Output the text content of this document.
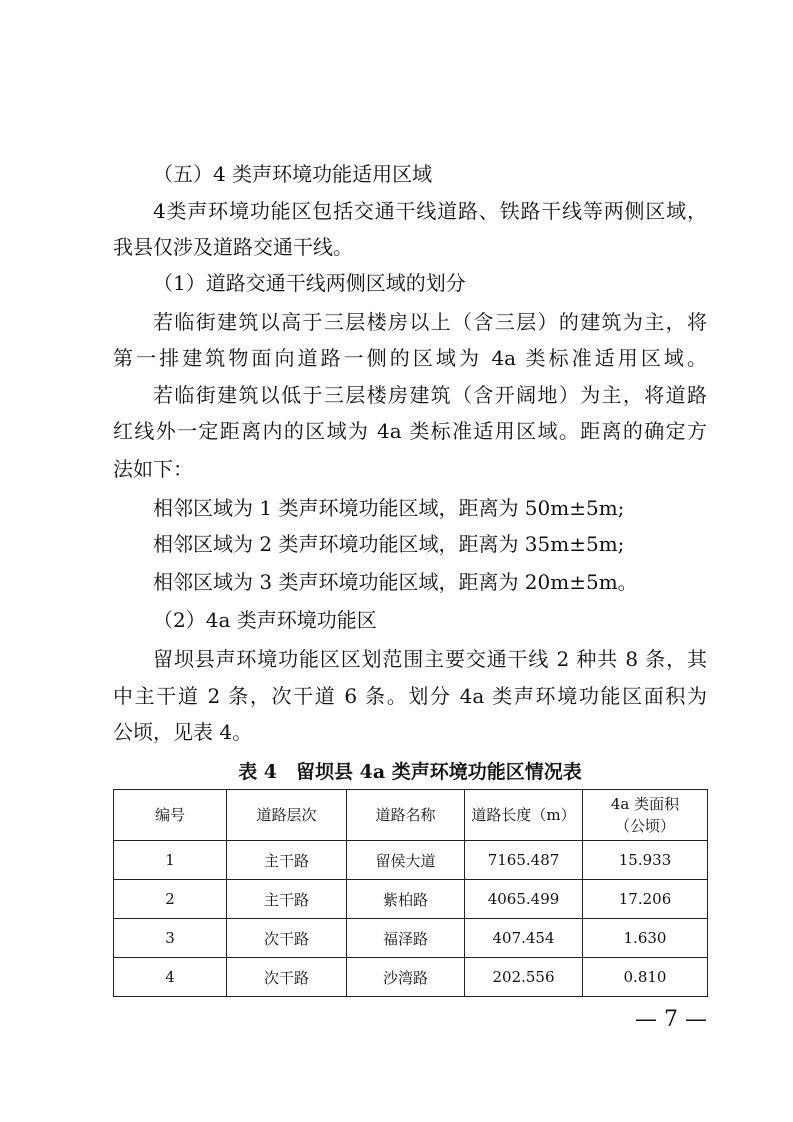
（五）4 类声环境功能适用区域
4类声环境功能区包括交通干线道路、铁路干线等两侧区域，
我县仅涉及道路交通干线。
（1）道路交通干线两侧区域的划分
若临街建筑以高于三层楼房以上（含三层）的建筑为主，将
第一排建筑物面向道路一侧的区域为 4a 类标准适用区域。
若临街建筑以低于三层楼房建筑（含开阔地）为主，将道路
红线外一定距离内的区域为 4a 类标准适用区域。距离的确定方
法如下：
相邻区域为 1 类声环境功能区域，距离为 50m±5m;
相邻区域为 2 类声环境功能区域，距离为 35m±5m;
相邻区域为 3 类声环境功能区域，距离为 20m±5m。
（2）4a 类声环境功能区
留坝县声环境功能区区划范围主要交通干线 2 种共 8 条，其
中主干道 2 条，次干道 6 条。划分 4a 类声环境功能区面积为
公顷，见表 4。
表 4　留坝县 4a 类声环境功能区情况表
编号	道路层次	道路名称	道路长度（m）	4a 类面积
（公顷）

1	主干路	留侯大道	7165.487	15.933
2	主干路	紫柏路	4065.499	17.206
3	次干路	福泽路	407.454	1.630
4	次干路	沙湾路	202.556	0.810
— 7 —
